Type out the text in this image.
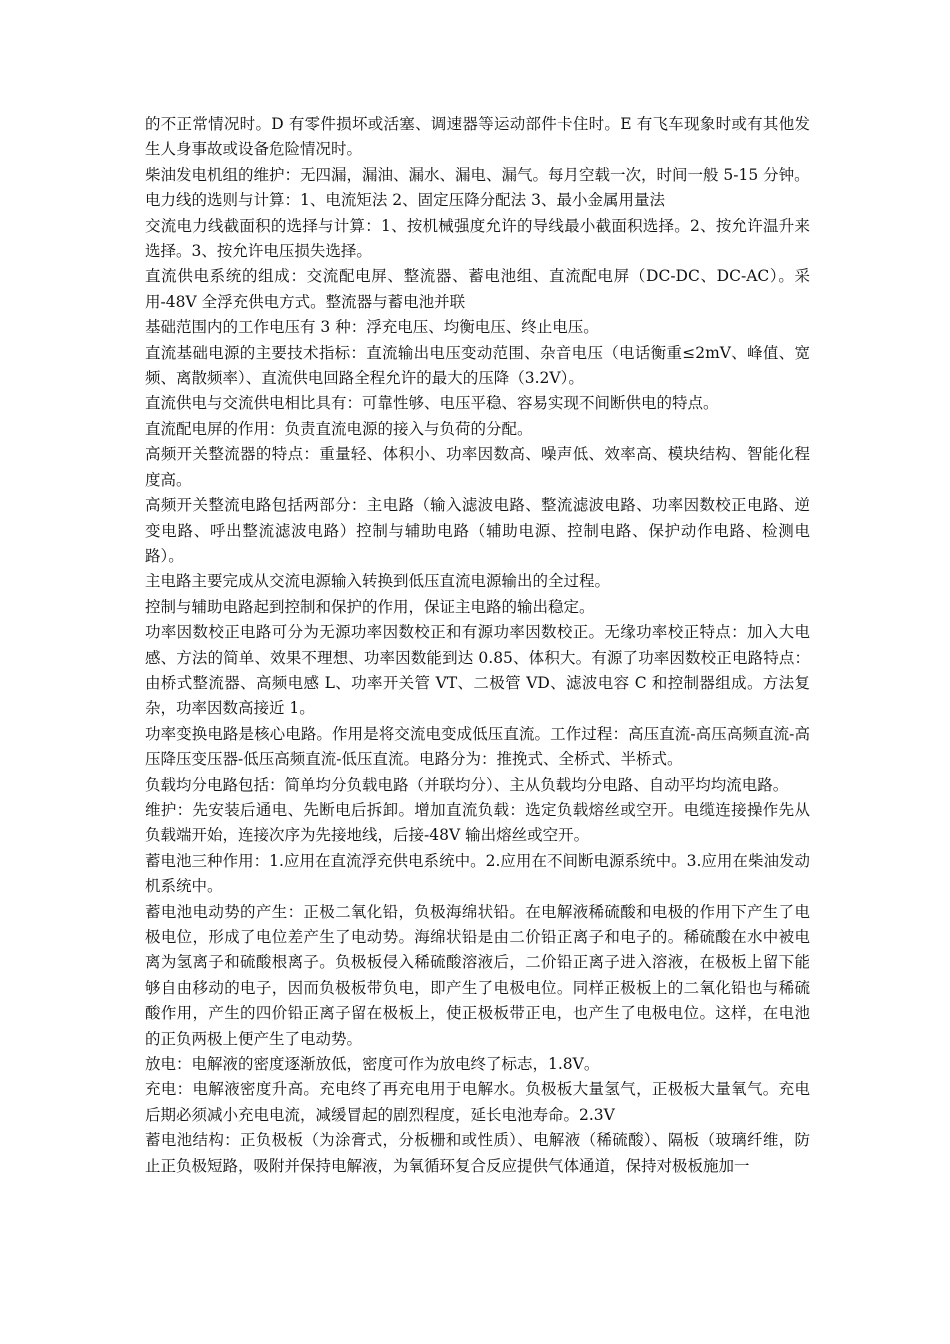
的不正常情况时。D 有零件损坏或活塞、调速器等运动部件卡住时。E 有飞车现象时或有其他发生人身事故或设备危险情况时。

柴油发电机组的维护：无四漏，漏油、漏水、漏电、漏气。每月空载一次，时间一般 5-15 分钟。

电力线的选则与计算：1、电流矩法 2、固定压降分配法 3、最小金属用量法

交流电力线截面积的选择与计算：1、按机械强度允许的导线最小截面积选择。2、按允许温升来选择。3、按允许电压损失选择。

直流供电系统的组成：交流配电屏、整流器、蓄电池组、直流配电屏（DC-DC、DC-AC）。采用-48V 全浮充供电方式。整流器与蓄电池并联

基础范围内的工作电压有 3 种：浮充电压、均衡电压、终止电压。

直流基础电源的主要技术指标：直流输出电压变动范围、杂音电压（电话衡重≤2mV、峰值、宽频、离散频率）、直流供电回路全程允许的最大的压降（3.2V）。

直流供电与交流供电相比具有：可靠性够、电压平稳、容易实现不间断供电的特点。

直流配电屏的作用：负责直流电源的接入与负荷的分配。

高频开关整流器的特点：重量轻、体积小、功率因数高、噪声低、效率高、模块结构、智能化程度高。

高频开关整流电路包括两部分：主电路（输入滤波电路、整流滤波电路、功率因数校正电路、逆变电路、呼出整流滤波电路）控制与辅助电路（辅助电源、控制电路、保护动作电路、检测电路）。

主电路主要完成从交流电源输入转换到低压直流电源输出的全过程。

控制与辅助电路起到控制和保护的作用，保证主电路的输出稳定。

功率因数校正电路可分为无源功率因数校正和有源功率因数校正。无缘功率校正特点：加入大电感、方法的简单、效果不理想、功率因数能到达 0.85、体积大。有源了功率因数校正电路特点：由桥式整流器、高频电感 L、功率开关管 VT、二极管 VD、滤波电容 C 和控制器组成。方法复杂，功率因数高接近 1。

功率变换电路是核心电路。作用是将交流电变成低压直流。工作过程：高压直流-高压高频直流-高压降压变压器-低压高频直流-低压直流。电路分为：推挽式、全桥式、半桥式。

负载均分电路包括：简单均分负载电路（并联均分）、主从负载均分电路、自动平均均流电路。

维护：先安装后通电、先断电后拆卸。增加直流负载：选定负载熔丝或空开。电缆连接操作先从负载端开始，连接次序为先接地线，后接-48V 输出熔丝或空开。

蓄电池三种作用：1.应用在直流浮充供电系统中。2.应用在不间断电源系统中。3.应用在柴油发动机系统中。

蓄电池电动势的产生：正极二氧化铅，负极海绵状铅。在电解液稀硫酸和电极的作用下产生了电极电位，形成了电位差产生了电动势。海绵状铅是由二价铅正离子和电子的。稀硫酸在水中被电离为氢离子和硫酸根离子。负极板侵入稀硫酸溶液后，二价铅正离子进入溶液，在极板上留下能够自由移动的电子，因而负极板带负电，即产生了电极电位。同样正极板上的二氧化铅也与稀硫酸作用，产生的四价铅正离子留在极板上，使正极板带正电，也产生了电极电位。这样，在电池的正负两极上便产生了电动势。

放电：电解液的密度逐渐放低，密度可作为放电终了标志，1.8V。

充电：电解液密度升高。充电终了再充电用于电解水。负极板大量氢气，正极板大量氧气。充电后期必须减小充电电流，减缓冒起的剧烈程度，延长电池寿命。2.3V

蓄电池结构：正负极板（为涂膏式，分板栅和或性质）、电解液（稀硫酸）、隔板（玻璃纤维，防止正负极短路，吸附并保持电解液，为氧循环复合反应提供气体通道，保持对极板施加一
